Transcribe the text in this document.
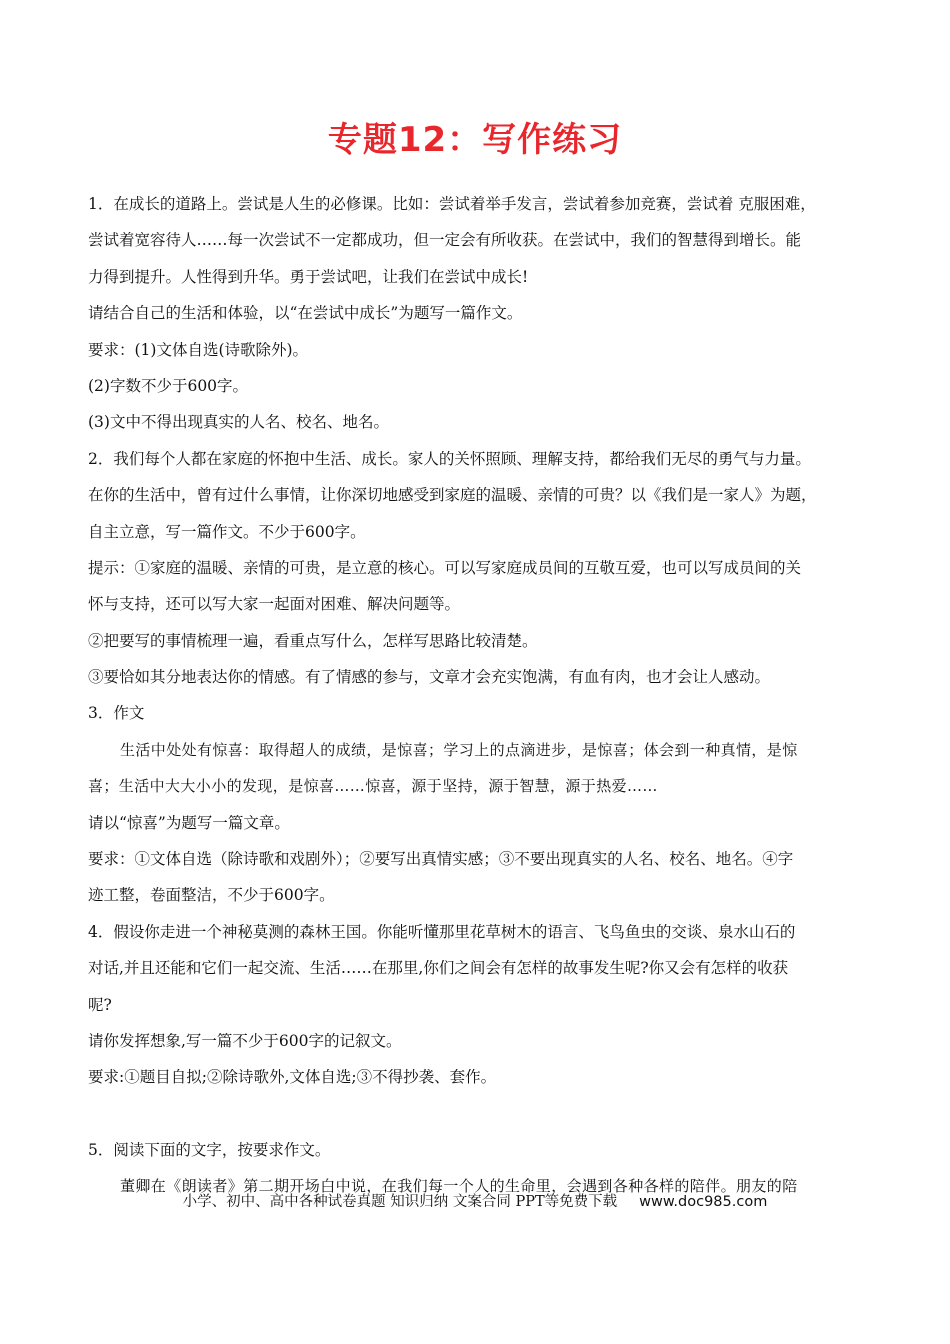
专题12：写作练习
1．在成长的道路上。尝试是人生的必修课。比如：尝试着举手发言，尝试着参加竞赛，尝试着 克服困难，
尝试着宽容待人……每一次尝试不一定都成功，但一定会有所收获。在尝试中，我们的智慧得到增长。能
力得到提升。人性得到升华。勇于尝试吧，让我们在尝试中成长!
请结合自己的生活和体验，以“在尝试中成长”为题写一篇作文。
要求：(1)文体自选(诗歌除外)。
(2)字数不少于600字。
(3)文中不得出现真实的人名、校名、地名。
2．我们每个人都在家庭的怀抱中生活、成长。家人的关怀照顾、理解支持，都给我们无尽的勇气与力量。
在你的生活中，曾有过什么事情，让你深切地感受到家庭的温暖、亲情的可贵？以《我们是一家人》为题，
自主立意，写一篇作文。不少于600字。
提示：①家庭的温暖、亲情的可贵，是立意的核心。可以写家庭成员间的互敬互爱，也可以写成员间的关
怀与支持，还可以写大家一起面对困难、解决问题等。
②把要写的事情梳理一遍，看重点写什么，怎样写思路比较清楚。
③要恰如其分地表达你的情感。有了情感的参与，文章才会充实饱满，有血有肉，也才会让人感动。
3．作文
生活中处处有惊喜：取得超人的成绩，是惊喜；学习上的点滴进步，是惊喜；体会到一种真情，是惊
喜；生活中大大小小的发现，是惊喜……惊喜，源于坚持，源于智慧，源于热爱……
请以“惊喜”为题写一篇文章。
要求：①文体自选（除诗歌和戏剧外）；②要写出真情实感；③不要出现真实的人名、校名、地名。④字
迹工整，卷面整洁，不少于600字。
4．假设你走进一个神秘莫测的森林王国。你能听懂那里花草树木的语言、飞鸟鱼虫的交谈、泉水山石的
对话,并且还能和它们一起交流、生活……在那里,你们之间会有怎样的故事发生呢?你又会有怎样的收获
呢?
请你发挥想象,写一篇不少于600字的记叙文。
要求:①题目自拟;②除诗歌外,文体自选;③不得抄袭、套作。
5．阅读下面的文字，按要求作文。
董卿在《朗读者》第二期开场白中说，在我们每一个人的生命里，会遇到各种各样的陪伴。朋友的陪
小学、初中、高中各种试卷真题 知识归纳 文案合同 PPT等免费下载 www.doc985.com
